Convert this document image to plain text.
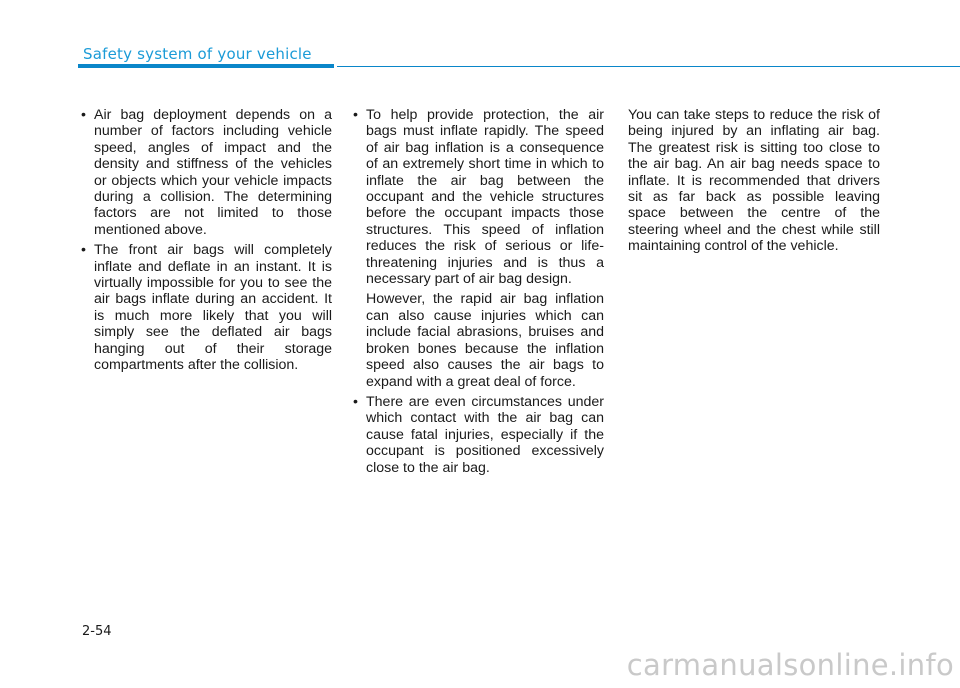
Safety system of your vehicle

• Air bag deployment depends on a number of factors including vehicle speed, angles of impact and the density and stiffness of the vehicles or objects which your vehicle impacts during a collision. The determining factors are not limited to those mentioned above.

• The front air bags will completely inflate and deflate in an instant. It is virtually impossible for you to see the air bags inflate during an accident. It is much more likely that you will simply see the deflated air bags hanging out of their storage compartments after the collision.

• To help provide protection, the air bags must inflate rapidly. The speed of air bag inflation is a consequence of an extremely short time in which to inflate the air bag between the occupant and the vehicle structures before the occupant impacts those structures. This speed of inflation reduces the risk of serious or life-threatening injuries and is thus a necessary part of air bag design.

However, the rapid air bag inflation can also cause injuries which can include facial abrasions, bruises and broken bones because the inflation speed also causes the air bags to expand with a great deal of force.

• There are even circumstances under which contact with the air bag can cause fatal injuries, especially if the occupant is positioned excessively close to the air bag.

You can take steps to reduce the risk of being injured by an inflating air bag. The greatest risk is sitting too close to the air bag. An air bag needs space to inflate. It is recommended that drivers sit as far back as possible leaving space between the centre of the steering wheel and the chest while still maintaining control of the vehicle.

2-54
carmanualsonline.info
